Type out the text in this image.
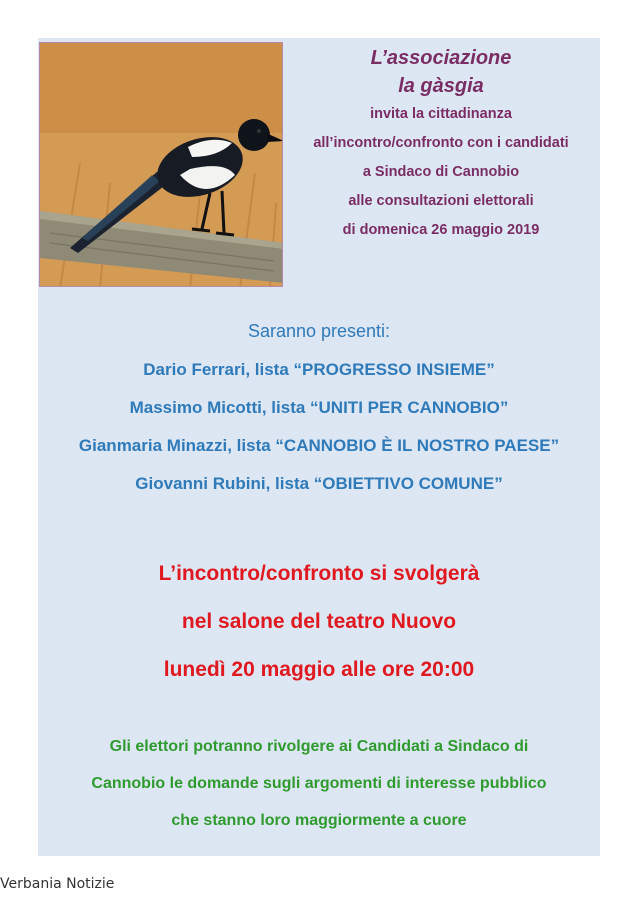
L’associazione
la gàsgia
invita la cittadinanza
all’incontro/confronto con i candidati
a Sindaco di Cannobio
alle consultazioni elettorali
di domenica 26 maggio 2019
Saranno presenti:
Dario Ferrari, lista “PROGRESSO INSIEME”
Massimo Micotti, lista “UNITI PER CANNOBIO”
Gianmaria Minazzi, lista “CANNOBIO È IL NOSTRO PAESE”
Giovanni Rubini, lista “OBIETTIVO COMUNE”
L’incontro/confronto si svolgerà
nel salone del teatro Nuovo
lunedì 20 maggio alle ore 20:00
Gli elettori potranno rivolgere ai Candidati a Sindaco di
Cannobio le domande sugli argomenti di interesse pubblico
che stanno loro maggiormente a cuore
Verbania Notizie
